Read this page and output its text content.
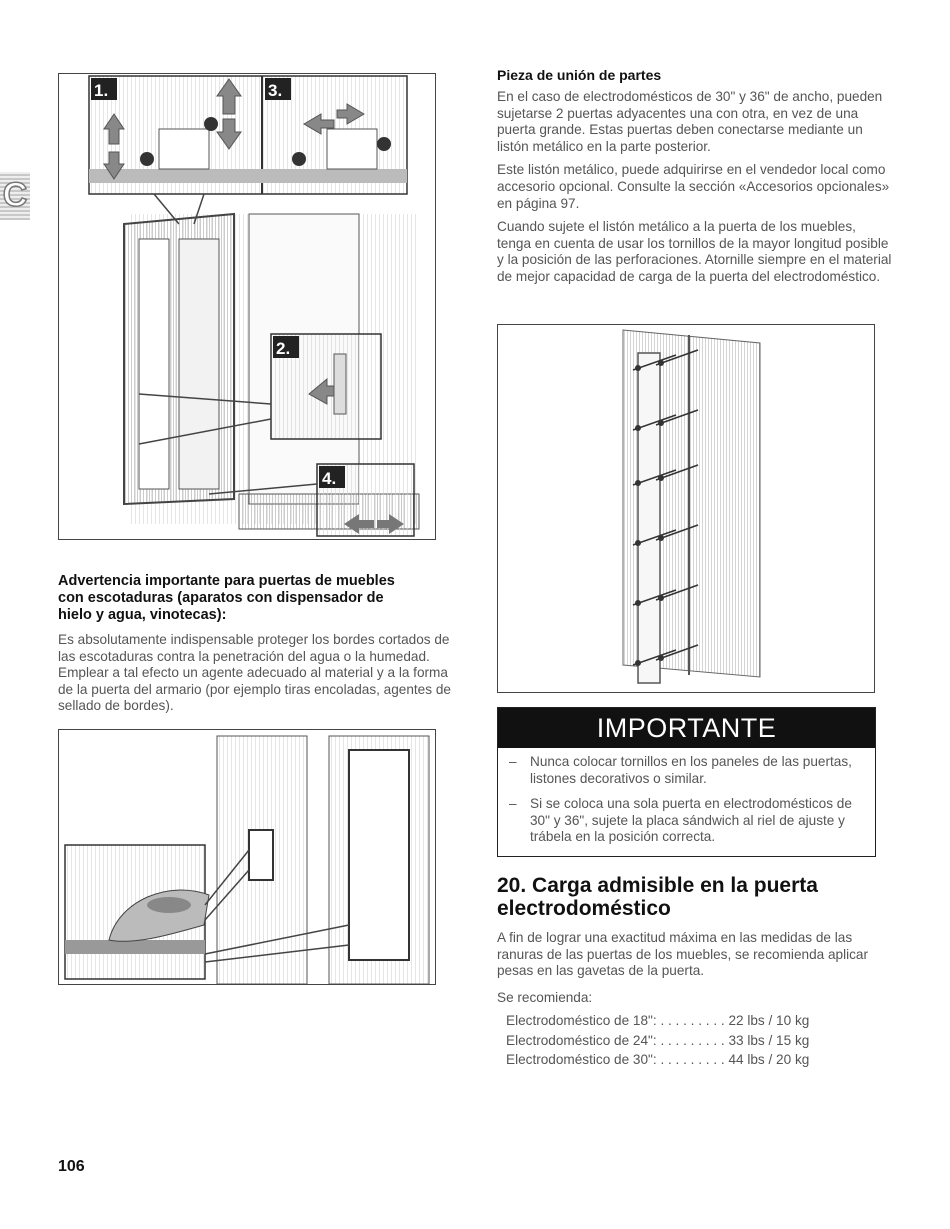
C
1.	3.
2.
4.
Advertencia importante para puertas de muebles con escotaduras (aparatos con dispensador de hielo y agua, vinotecas):
Es absolutamente indispensable proteger los bordes cortados de las escotaduras contra la penetración del agua o la humedad. Emplear a tal efecto un agente adecuado al material y a la forma de la puerta del armario (por ejemplo tiras encoladas, agentes de sellado de bordes).
Pieza de unión de partes

En el caso de electrodomésticos de 30" y 36" de ancho, pueden sujetarse 2 puertas adyacentes una con otra, en vez de una puerta grande. Estas puertas deben conectarse mediante un listón metálico en la parte posterior.

Este listón metálico, puede adquirirse en el vendedor local como accesorio opcional. Consulte la sección «Accesorios opcionales» en página 97.

Cuando sujete el listón metálico a la puerta de los muebles, tenga en cuenta de usar los tornillos de la mayor longitud posible y la posición de las perforaciones. Atornille siempre en el material de mejor capacidad de carga de la puerta del electrodoméstico.

IMPORTANTE
– Nunca colocar tornillos en los paneles de las puertas, listones decorativos o similar.
– Si se coloca una sola puerta en electrodomésticos de 30" y 36", sujete la placa sándwich al riel de ajuste y trábela en la posición correcta.
20. Carga admisible en la puerta electrodoméstico
A fin de lograr una exactitud máxima en las medidas de las ranuras de las puertas de los muebles, se recomienda aplicar pesas en las gavetas de la puerta.
Se recomienda:
Electrodoméstico de 18": . . . . . . . . . 22 lbs / 10 kg
Electrodoméstico de 24": . . . . . . . . . 33 lbs / 15 kg
Electrodoméstico de 30": . . . . . . . . . 44 lbs / 20 kg
106
